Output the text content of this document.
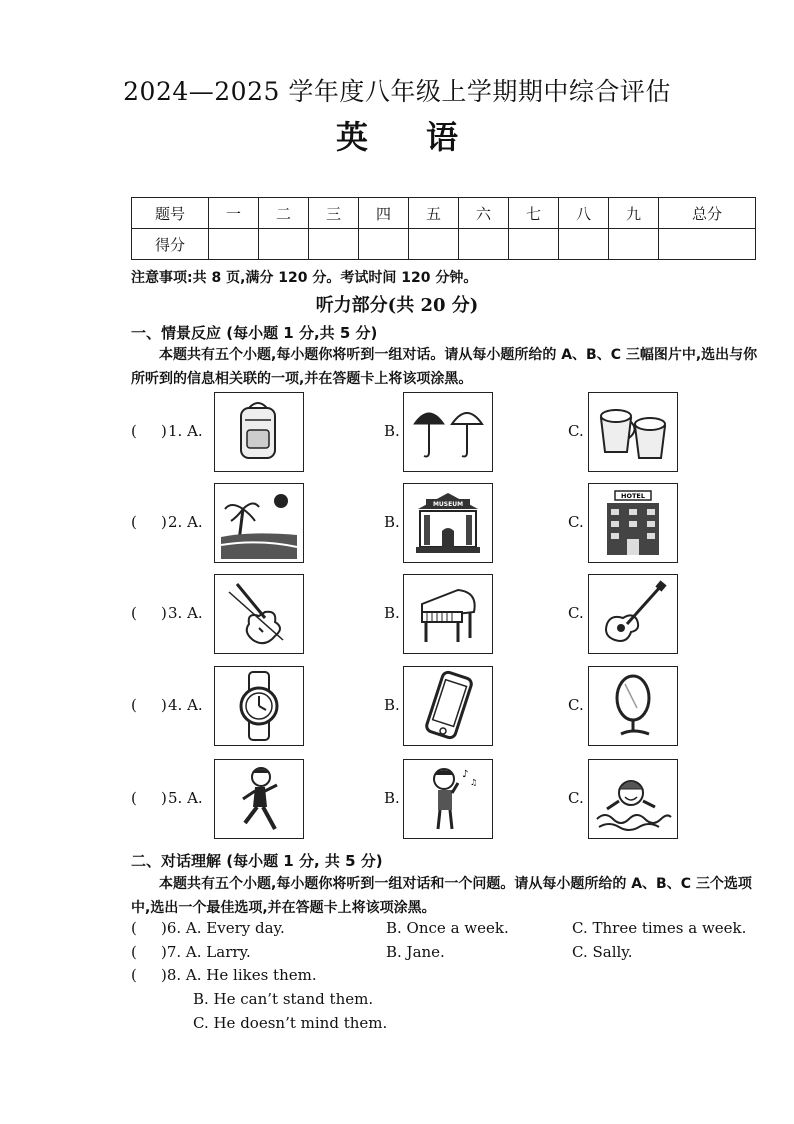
2024—2025 学年度八年级上学期期中综合评估
英语
题号	一	二	三	四	五	六	七	八	九	总分
得分										
注意事项:共 8 页,满分 120 分。考试时间 120 分钟。
听力部分(共 20 分)
一、情景反应 (每小题 1 分,共 5 分)
本题共有五个小题,每小题你将听到一组对话。请从每小题所给的 A、B、C 三幅图片中,选出与你所听到的信息相关联的一项,并在答题卡上将该项涂黑。
( ) 1. A.	B.	C.
( ) 2. A.	B.
MUSEUM
C.
HOTEL
( ) 3. A.	B.	C.
( ) 4. A.	B.	C.
( ) 5. A.	B.
♪
♫
C.
二、对话理解 (每小题 1 分, 共 5 分)
本题共有五个小题,每小题你将听到一组对话和一个问题。请从每小题所给的 A、B、C 三个选项中,选出一个最佳选项,并在答题卡上将该项涂黑。
( )6. A. Every day.	B. Once a week.	C. Three times a week.
( )7. A. Larry.	B. Jane.	C. Sally.
( )8. A. He likes them.
B. He can’t stand them.
C. He doesn’t mind them.
